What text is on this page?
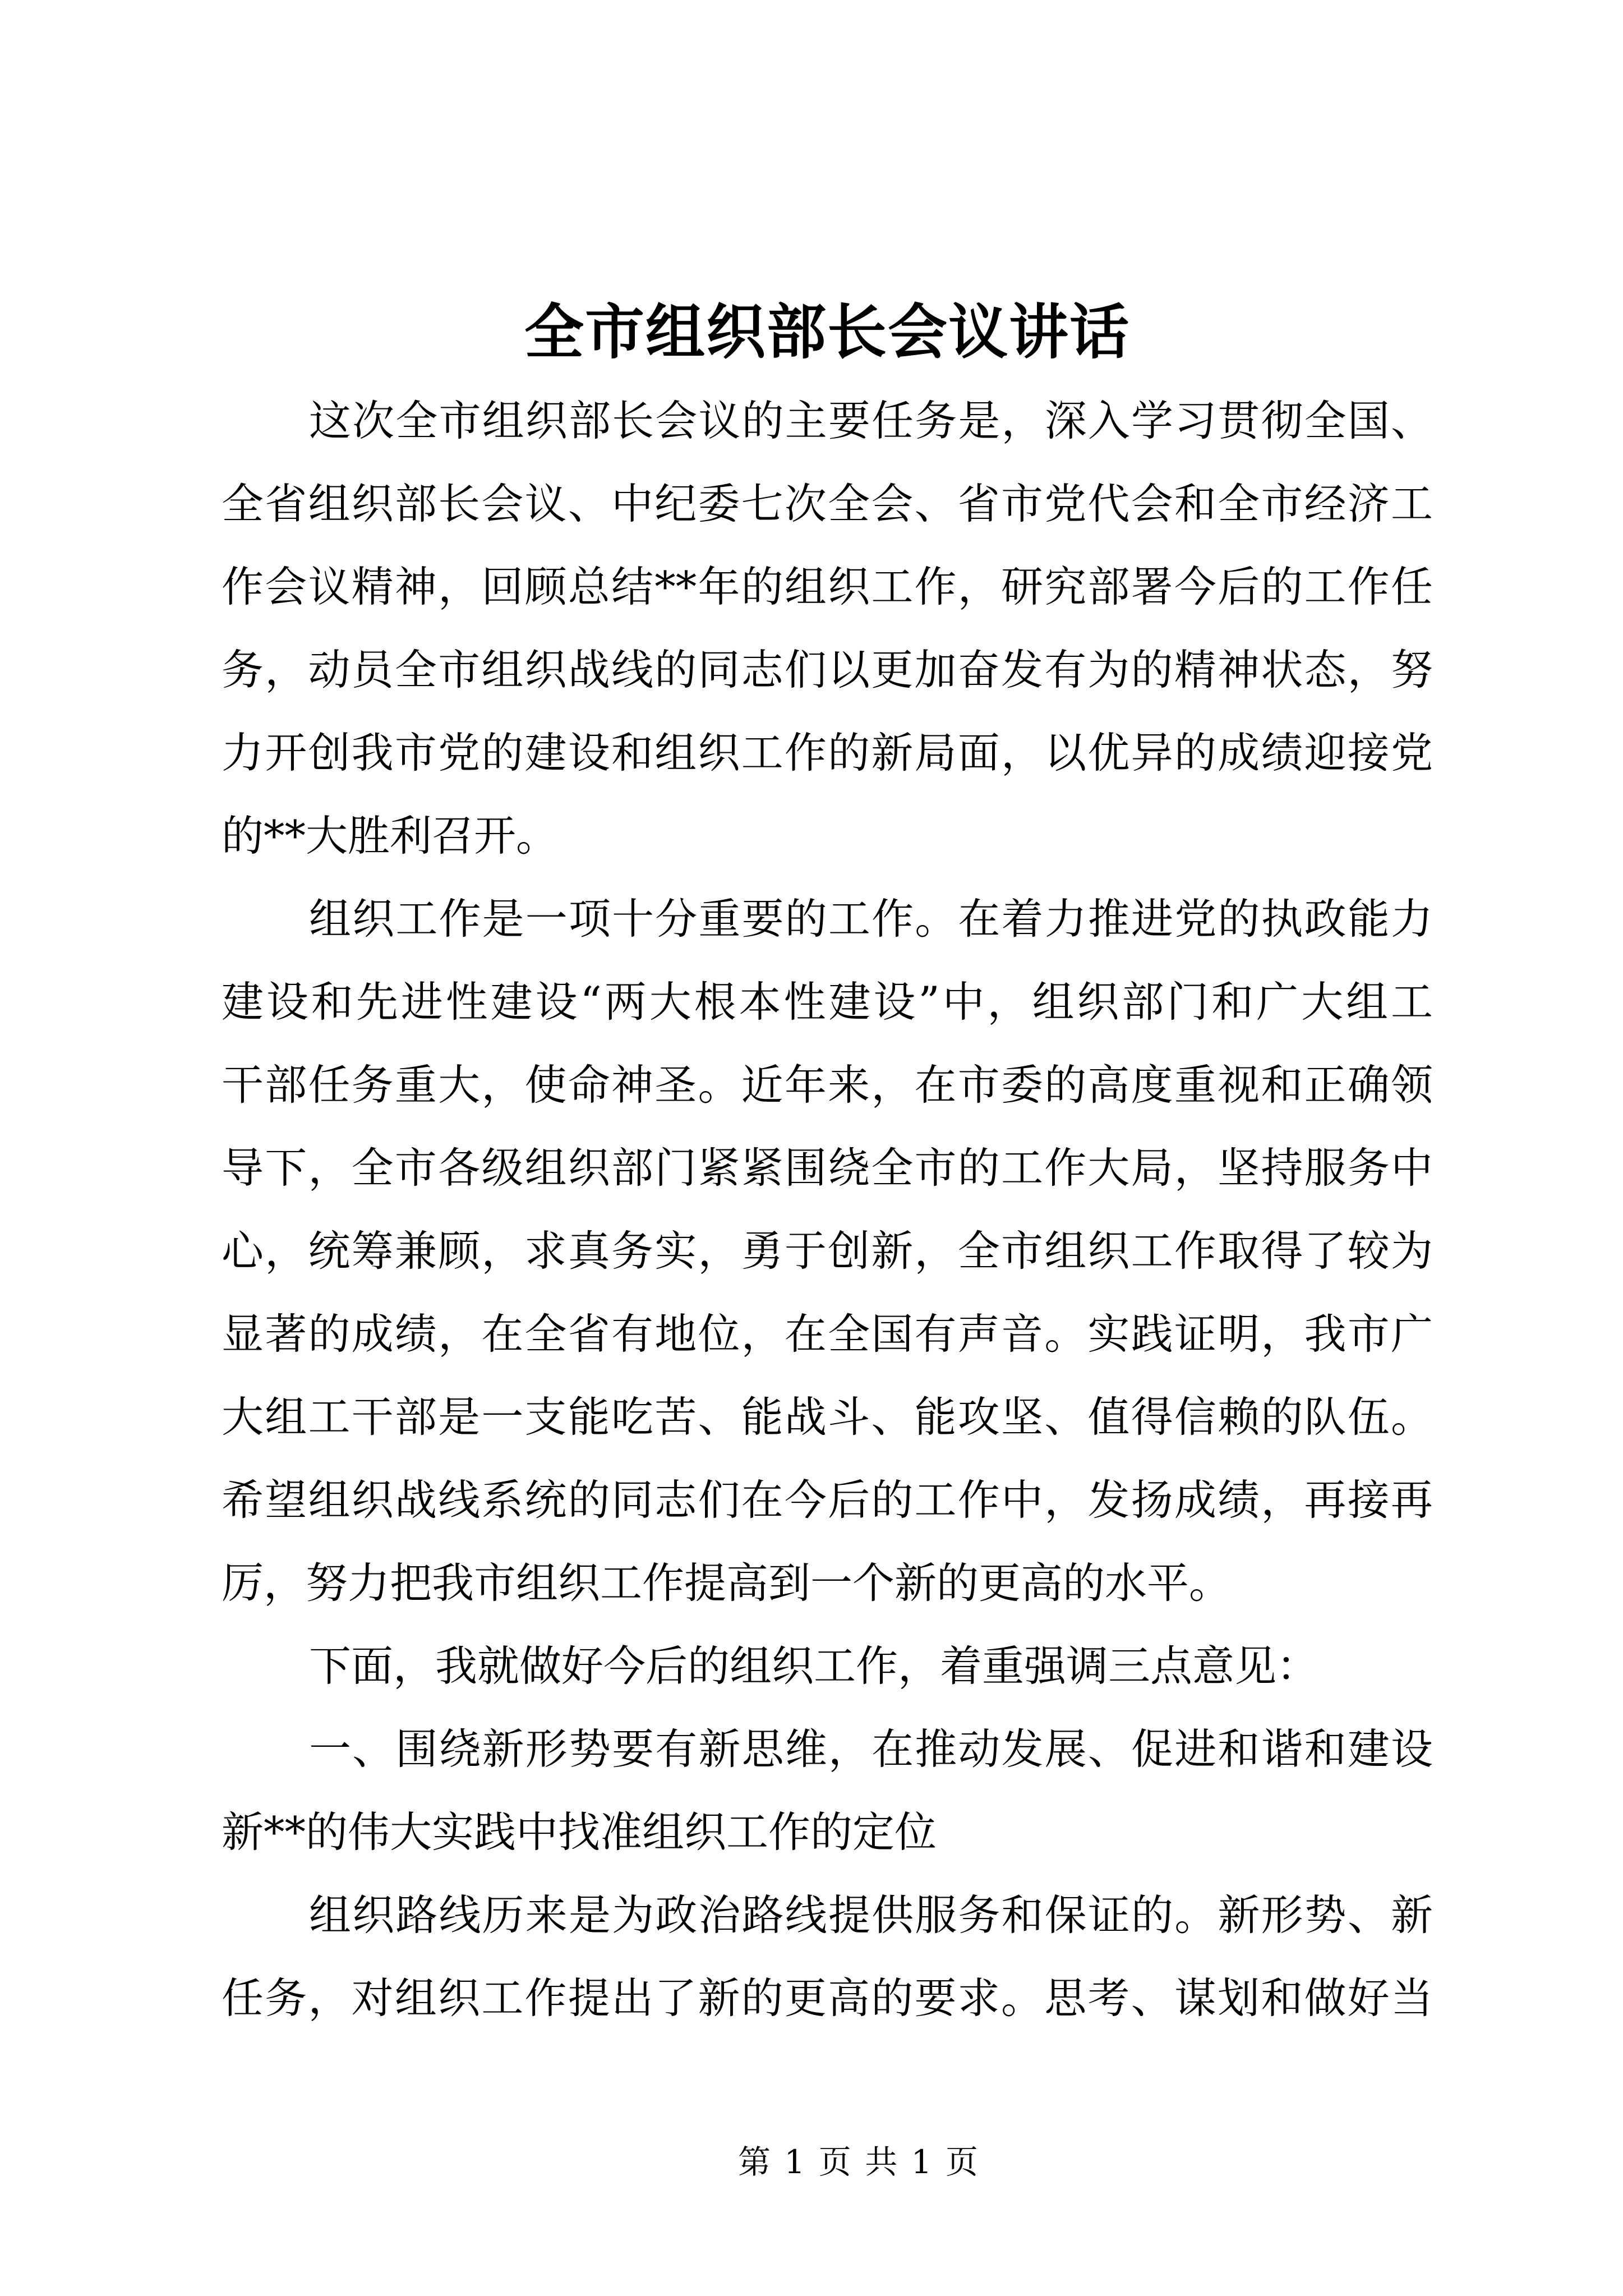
全市组织部长会议讲话
这次全市组织部长会议的主要任务是，深入学习贯彻全国、
全省组织部长会议、中纪委七次全会、省市党代会和全市经济工
作会议精神，回顾总结**年的组织工作，研究部署今后的工作任
务，动员全市组织战线的同志们以更加奋发有为的精神状态，努
力开创我市党的建设和组织工作的新局面，以优异的成绩迎接党
的**大胜利召开。
组织工作是一项十分重要的工作。在着力推进党的执政能力
建设和先进性建设“两大根本性建设”中，组织部门和广大组工
干部任务重大，使命神圣。近年来，在市委的高度重视和正确领
导下，全市各级组织部门紧紧围绕全市的工作大局，坚持服务中
心，统筹兼顾，求真务实，勇于创新，全市组织工作取得了较为
显著的成绩，在全省有地位，在全国有声音。实践证明，我市广
大组工干部是一支能吃苦、能战斗、能攻坚、值得信赖的队伍。
希望组织战线系统的同志们在今后的工作中，发扬成绩，再接再
厉，努力把我市组织工作提高到一个新的更高的水平。
下面，我就做好今后的组织工作，着重强调三点意见：
一、围绕新形势要有新思维，在推动发展、促进和谐和建设
新**的伟大实践中找准组织工作的定位
组织路线历来是为政治路线提供服务和保证的。新形势、新
任务，对组织工作提出了新的更高的要求。思考、谋划和做好当
第 1 页 共 1 页
